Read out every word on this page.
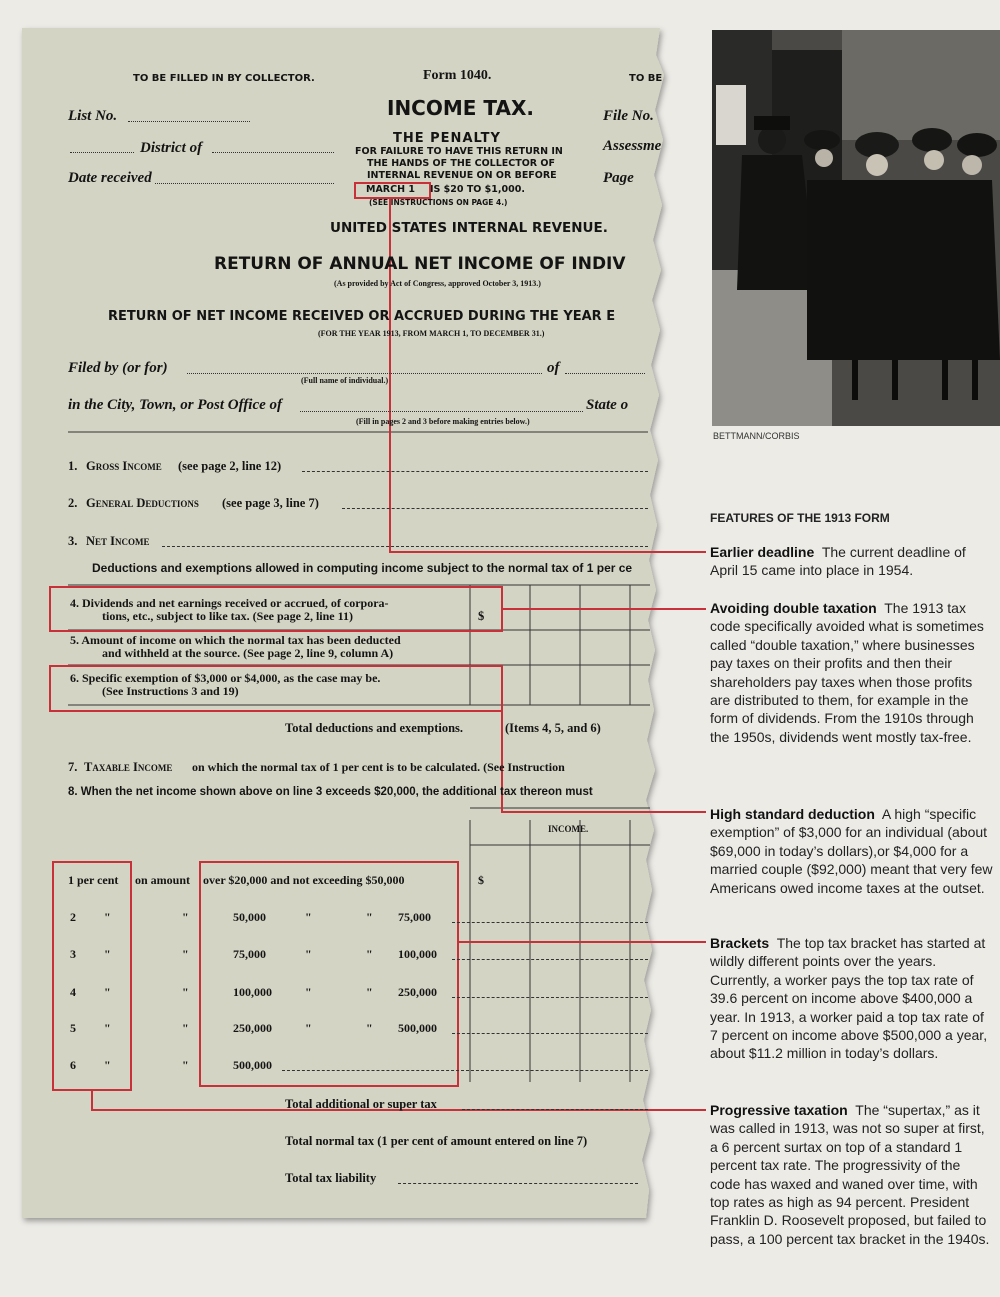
BETTMANN/CORBIS
TO BE FILLED IN BY COLLECTOR.	Form 1040.	TO BE
List No.	File No.
District of	Assessme
Date received	Page
INCOME TAX.
THE PENALTY
FOR FAILURE TO HAVE THIS RETURN IN
THE HANDS OF THE COLLECTOR OF
INTERNAL REVENUE ON OR BEFORE
MARCH 1 IS $20 TO $1,000.
(SEE INSTRUCTIONS ON PAGE 4.)
UNITED STATES INTERNAL REVENUE.
RETURN OF ANNUAL NET INCOME OF INDIV
(As provided by Act of Congress, approved October 3, 1913.)
RETURN OF NET INCOME RECEIVED OR ACCRUED DURING THE YEAR E
(FOR THE YEAR 1913, FROM MARCH 1, TO DECEMBER 31.)
Filed by (or for)	of
(Full name of individual.)
in the City, Town, or Post Office of	State o
(Fill in pages 2 and 3 before making entries below.)
1. Gross Income (see page 2, line 12)
2. General Deductions (see page 3, line 7)
3. Net Income
Deductions and exemptions allowed in computing income subject to the normal tax of 1 per ce
4. Dividends and net earnings received or accrued, of corpora-
tions, etc., subject to like tax. (See page 2, line 11)	$
5. Amount of income on which the normal tax has been deducted
and withheld at the source. (See page 2, line 9, column A)
6. Specific exemption of $3,000 or $4,000, as the case may be.
(See Instructions 3 and 19)
Total deductions and exemptions.	(Items 4, 5, and 6)
7. Taxable Income on which the normal tax of 1 per cent is to be calculated. (See Instruction
8. When the net income shown above on line 3 exceeds $20,000, the additional tax thereon must
INCOME.
1 per cent on amount over $20,000 and not exceeding $50,000	$
2 "	"	50,000	"	" 75,000
3 "	"	75,000	"	" 100,000
4 "	"	100,000	"	" 250,000
5 "	"	250,000	"	" 500,000
6 "	"	500,000
Total additional or super tax
Total normal tax (1 per cent of amount entered on line 7)
Total tax liability
FEATURES OF THE 1913 FORM
Earlier deadline The current deadline of April 15 came into place in 1954.
Avoiding double taxation The 1913 tax code specifically avoided what is sometimes called “double taxation,” where businesses pay taxes on their profits and then their shareholders pay taxes when those profits are distributed to them, for example in the form of dividends. From the 1910s through the 1950s, dividends went mostly tax-free.
High standard deduction A high “specific exemption” of $3,000 for an individual (about $69,000 in today’s dollars),or $4,000 for a married couple ($92,000) meant that very few Americans owed income taxes at the outset.
Brackets The top tax bracket has started at wildly different points over the years. Currently, a worker pays the top tax rate of 39.6 percent on income above $400,000 a year. In 1913, a worker paid a top tax rate of 7 percent on income above $500,000 a year, about $11.2 million in today’s dollars.
Progressive taxation The “supertax,” as it was called in 1913, was not so super at first, a 6 percent surtax on top of a standard 1 percent tax rate. The progressivity of the code has waxed and waned over time, with top rates as high as 94 percent. President Franklin D. Roosevelt proposed, but failed to pass, a 100 percent tax bracket in the 1940s.
